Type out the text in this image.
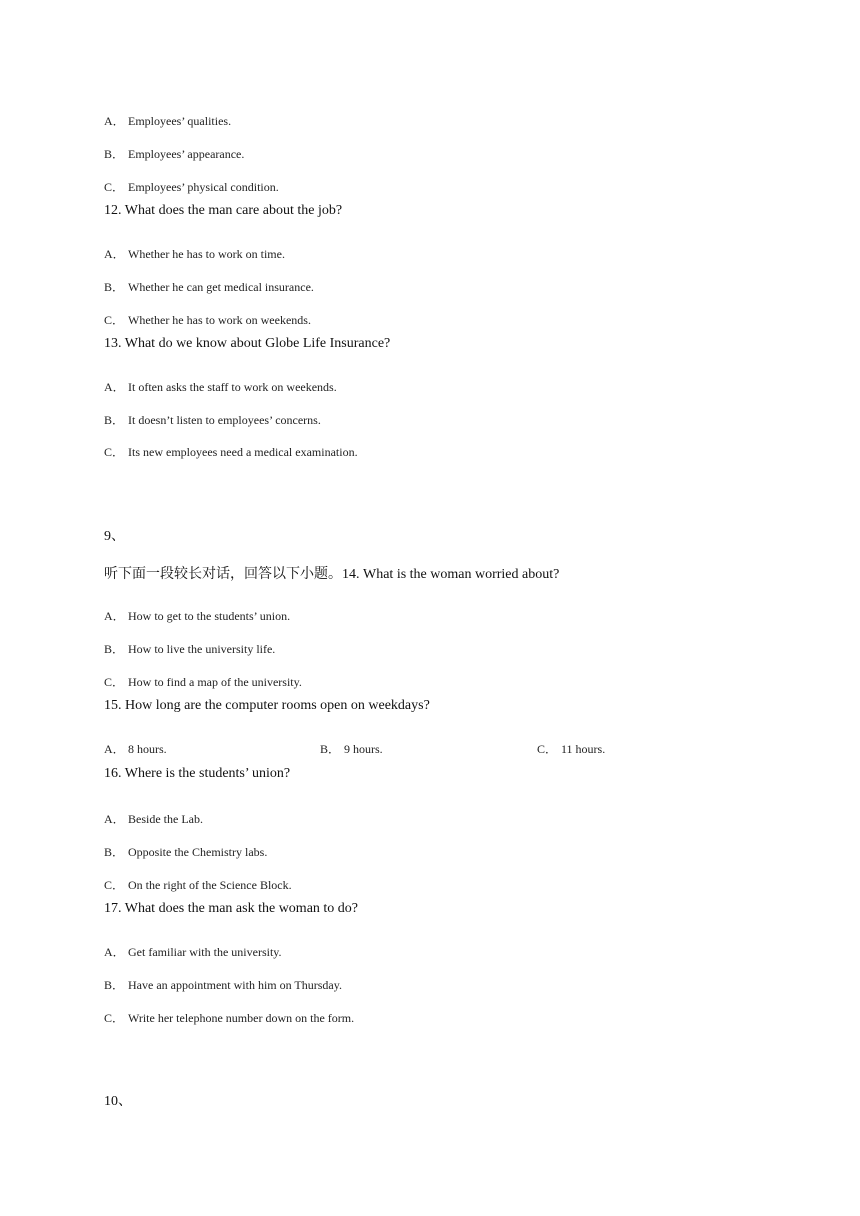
A． Employees’ qualities.
B． Employees’ appearance.
C． Employees’ physical condition.
12. What does the man care about the job?
A． Whether he has to work on time.
B． Whether he can get medical insurance.
C． Whether he has to work on weekends.
13. What do we know about Globe Life Insurance?
A． It often asks the staff to work on weekends.
B． It doesn’t listen to employees’ concerns.
C． Its new employees need a medical examination.
9、
听下面一段较长对话，回答以下小题。14. What is the woman worried about?
A． How to get to the students’ union.
B． How to live the university life.
C． How to find a map of the university.
15. How long are the computer rooms open on weekdays?
A． 8 hours.	B． 9 hours.	C． 11 hours.
16. Where is the students’ union?
A． Beside the Lab.
B． Opposite the Chemistry labs.
C． On the right of the Science Block.
17. What does the man ask the woman to do?
A． Get familiar with the university.
B． Have an appointment with him on Thursday.
C． Write her telephone number down on the form.
10、
